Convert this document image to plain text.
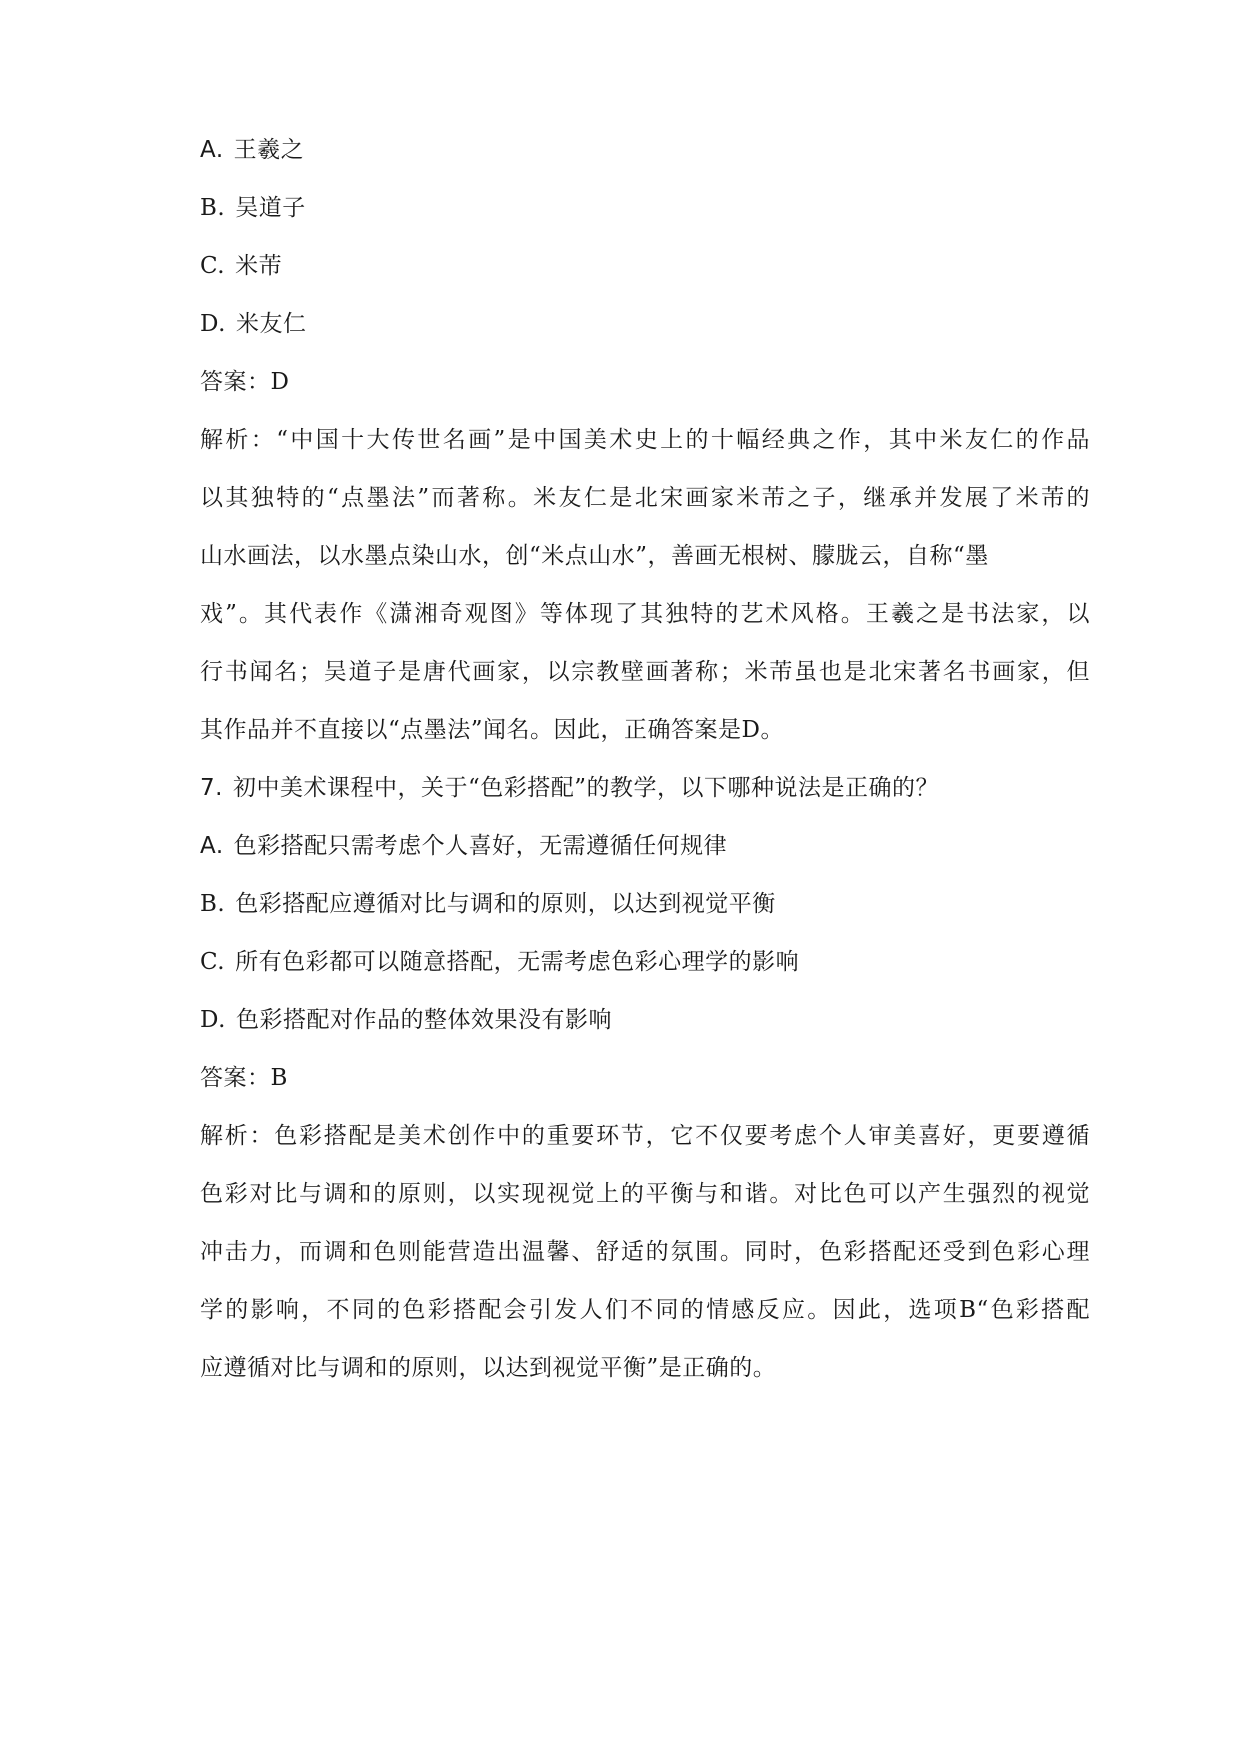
A. 王羲之
B. 吴道子
C. 米芾
D. 米友仁
答案：D
解析：“中国十大传世名画”是中国美术史上的十幅经典之作，其中米友仁的作品
以其独特的“点墨法”而著称。米友仁是北宋画家米芾之子，继承并发展了米芾的
山水画法，以水墨点染山水，创“米点山水”，善画无根树、朦胧云，自称“墨
戏”。其代表作《潇湘奇观图》等体现了其独特的艺术风格。王羲之是书法家，以
行书闻名；吴道子是唐代画家，以宗教壁画著称；米芾虽也是北宋著名书画家，但
其作品并不直接以“点墨法”闻名。因此，正确答案是D。
7. 初中美术课程中，关于“色彩搭配”的教学，以下哪种说法是正确的？
A. 色彩搭配只需考虑个人喜好，无需遵循任何规律
B. 色彩搭配应遵循对比与调和的原则，以达到视觉平衡
C. 所有色彩都可以随意搭配，无需考虑色彩心理学的影响
D. 色彩搭配对作品的整体效果没有影响
答案：B
解析：色彩搭配是美术创作中的重要环节，它不仅要考虑个人审美喜好，更要遵循
色彩对比与调和的原则，以实现视觉上的平衡与和谐。对比色可以产生强烈的视觉
冲击力，而调和色则能营造出温馨、舒适的氛围。同时，色彩搭配还受到色彩心理
学的影响，不同的色彩搭配会引发人们不同的情感反应。因此，选项B“色彩搭配
应遵循对比与调和的原则，以达到视觉平衡”是正确的。
